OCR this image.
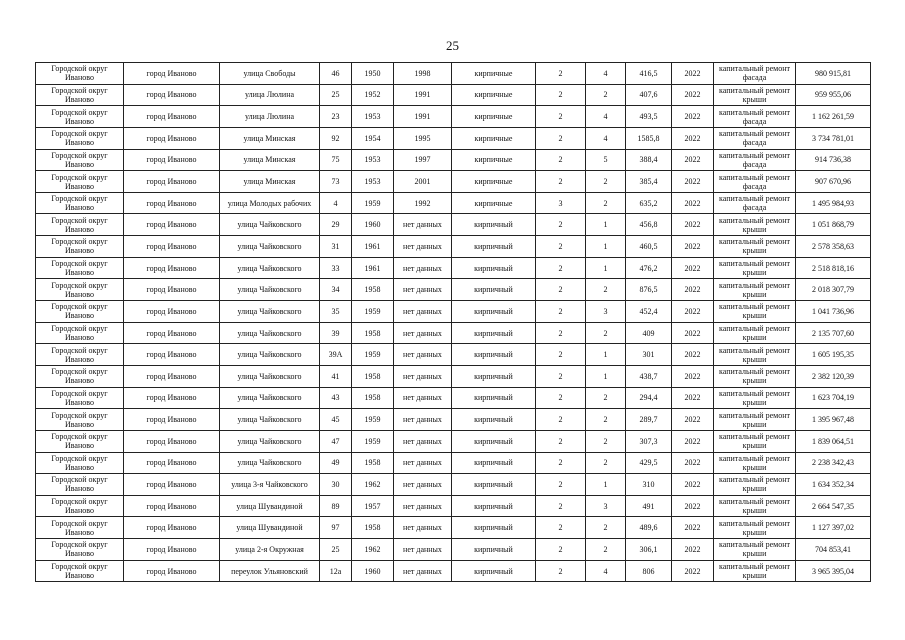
25
Городской округ Иваново	город Иваново	улица Свободы	46	1950	1998	кирпичные	2	4	416,5	2022	капитальный ремонт фасада	980 915,81
Городской округ Иваново	город Иваново	улица Люлина	25	1952	1991	кирпичные	2	2	407,6	2022	капитальный ремонт крыши	959 955,06
Городской округ Иваново	город Иваново	улица Люлина	23	1953	1991	кирпичные	2	4	493,5	2022	капитальный ремонт фасада	1 162 261,59
Городской округ Иваново	город Иваново	улица Минская	92	1954	1995	кирпичные	2	4	1585,8	2022	капитальный ремонт фасада	3 734 781,01
Городской округ Иваново	город Иваново	улица Минская	75	1953	1997	кирпичные	2	5	388,4	2022	капитальный ремонт фасада	914 736,38
Городской округ Иваново	город Иваново	улица Минская	73	1953	2001	кирпичные	2	2	385,4	2022	капитальный ремонт фасада	907 670,96
Городской округ Иваново	город Иваново	улица Молодых рабочих	4	1959	1992	кирпичные	3	2	635,2	2022	капитальный ремонт фасада	1 495 984,93
Городской округ Иваново	город Иваново	улица Чайковского	29	1960	нет данных	кирпичный	2	1	456,8	2022	капитальный ремонт крыши	1 051 868,79
Городской округ Иваново	город Иваново	улица Чайковского	31	1961	нет данных	кирпичный	2	1	460,5	2022	капитальный ремонт крыши	2 578 358,63
Городской округ Иваново	город Иваново	улица Чайковского	33	1961	нет данных	кирпичный	2	1	476,2	2022	капитальный ремонт крыши	2 518 818,16
Городской округ Иваново	город Иваново	улица Чайковского	34	1958	нет данных	кирпичный	2	2	876,5	2022	капитальный ремонт крыши	2 018 307,79
Городской округ Иваново	город Иваново	улица Чайковского	35	1959	нет данных	кирпичный	2	3	452,4	2022	капитальный ремонт крыши	1 041 736,96
Городской округ Иваново	город Иваново	улица Чайковского	39	1958	нет данных	кирпичный	2	2	409	2022	капитальный ремонт крыши	2 135 707,60
Городской округ Иваново	город Иваново	улица Чайковского	39А	1959	нет данных	кирпичный	2	1	301	2022	капитальный ремонт крыши	1 605 195,35
Городской округ Иваново	город Иваново	улица Чайковского	41	1958	нет данных	кирпичный	2	1	438,7	2022	капитальный ремонт крыши	2 382 120,39
Городской округ Иваново	город Иваново	улица Чайковского	43	1958	нет данных	кирпичный	2	2	294,4	2022	капитальный ремонт крыши	1 623 704,19
Городской округ Иваново	город Иваново	улица Чайковского	45	1959	нет данных	кирпичный	2	2	289,7	2022	капитальный ремонт крыши	1 395 967,48
Городской округ Иваново	город Иваново	улица Чайковского	47	1959	нет данных	кирпичный	2	2	307,3	2022	капитальный ремонт крыши	1 839 064,51
Городской округ Иваново	город Иваново	улица Чайковского	49	1958	нет данных	кирпичный	2	2	429,5	2022	капитальный ремонт крыши	2 238 342,43
Городской округ Иваново	город Иваново	улица 3-я Чайковского	30	1962	нет данных	кирпичный	2	1	310	2022	капитальный ремонт крыши	1 634 352,34
Городской округ Иваново	город Иваново	улица Шувандиной	89	1957	нет данных	кирпичный	2	3	491	2022	капитальный ремонт крыши	2 664 547,35
Городской округ Иваново	город Иваново	улица Шувандиной	97	1958	нет данных	кирпичный	2	2	489,6	2022	капитальный ремонт крыши	1 127 397,02
Городской округ Иваново	город Иваново	улица 2-я Окружная	25	1962	нет данных	кирпичный	2	2	306,1	2022	капитальный ремонт крыши	704 853,41
Городской округ Иваново	город Иваново	переулок Ульяновский	12а	1960	нет данных	кирпичный	2	4	806	2022	капитальный ремонт крыши	3 965 395,04
